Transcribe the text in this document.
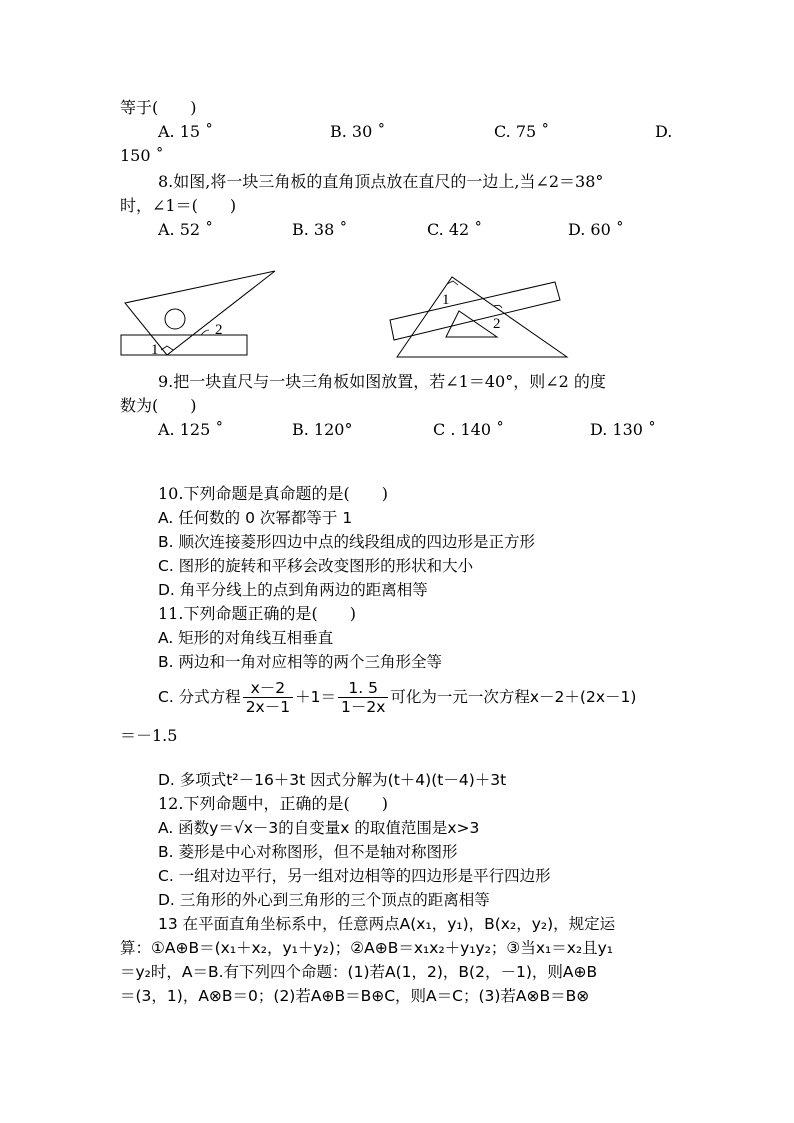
等于(　　)
A. 15 ˚	B. 30 ˚	C. 75 ˚	D.
150 ˚
8.如图,将一块三角板的直角顶点放在直尺的一边上,当∠2＝38°
时，∠1＝(　　)
A. 52 ˚	B. 38 ˚	C. 42 ˚	D. 60 ˚
1
2
1
2
9.把一块直尺与一块三角板如图放置，若∠1＝40°，则∠2 的度
数为(　　)
A. 125 ˚	B. 120°	C . 140 ˚	D. 130 ˚
10.下列命题是真命题的是(　　)
A. 任何数的 0 次幂都等于 1
B. 顺次连接菱形四边中点的线段组成的四边形是正方形
C. 图形的旋转和平移会改变图形的形状和大小
D. 角平分线上的点到角两边的距离相等
11.下列命题正确的是(　　)
A. 矩形的对角线互相垂直
B. 两边和一角对应相等的两个三角形全等
C. 分式方程 $\frac{x-2}{2x-1} +1= \frac{1. 5}{1-2x}$ 可化为一元一次方程x－2＋(2x－1)
＝－1.5
D. 多项式t²－16＋3t 因式分解为(t＋4)(t－4)＋3t
12.下列命题中，正确的是(　　)
A. 函数y＝√x－3的自变量x 的取值范围是x>3
B. 菱形是中心对称图形，但不是轴对称图形
C. 一组对边平行，另一组对边相等的四边形是平行四边形
D. 三角形的外心到三角形的三个顶点的距离相等
13 在平面直角坐标系中，任意两点A(x₁，y₁)，B(x₂，y₂)，规定运
算：①A⊕B＝(x₁＋x₂，y₁＋y₂)；②A⊕B＝x₁x₂＋y₁y₂；③当x₁＝x₂且y₁
＝y₂时，A＝B.有下列四个命题：(1)若A(1，2)，B(2，－1)，则A⊕B
＝(3，1)，A⊗B＝0；(2)若A⊕B＝B⊕C，则A＝C；(3)若A⊗B＝B⊗
